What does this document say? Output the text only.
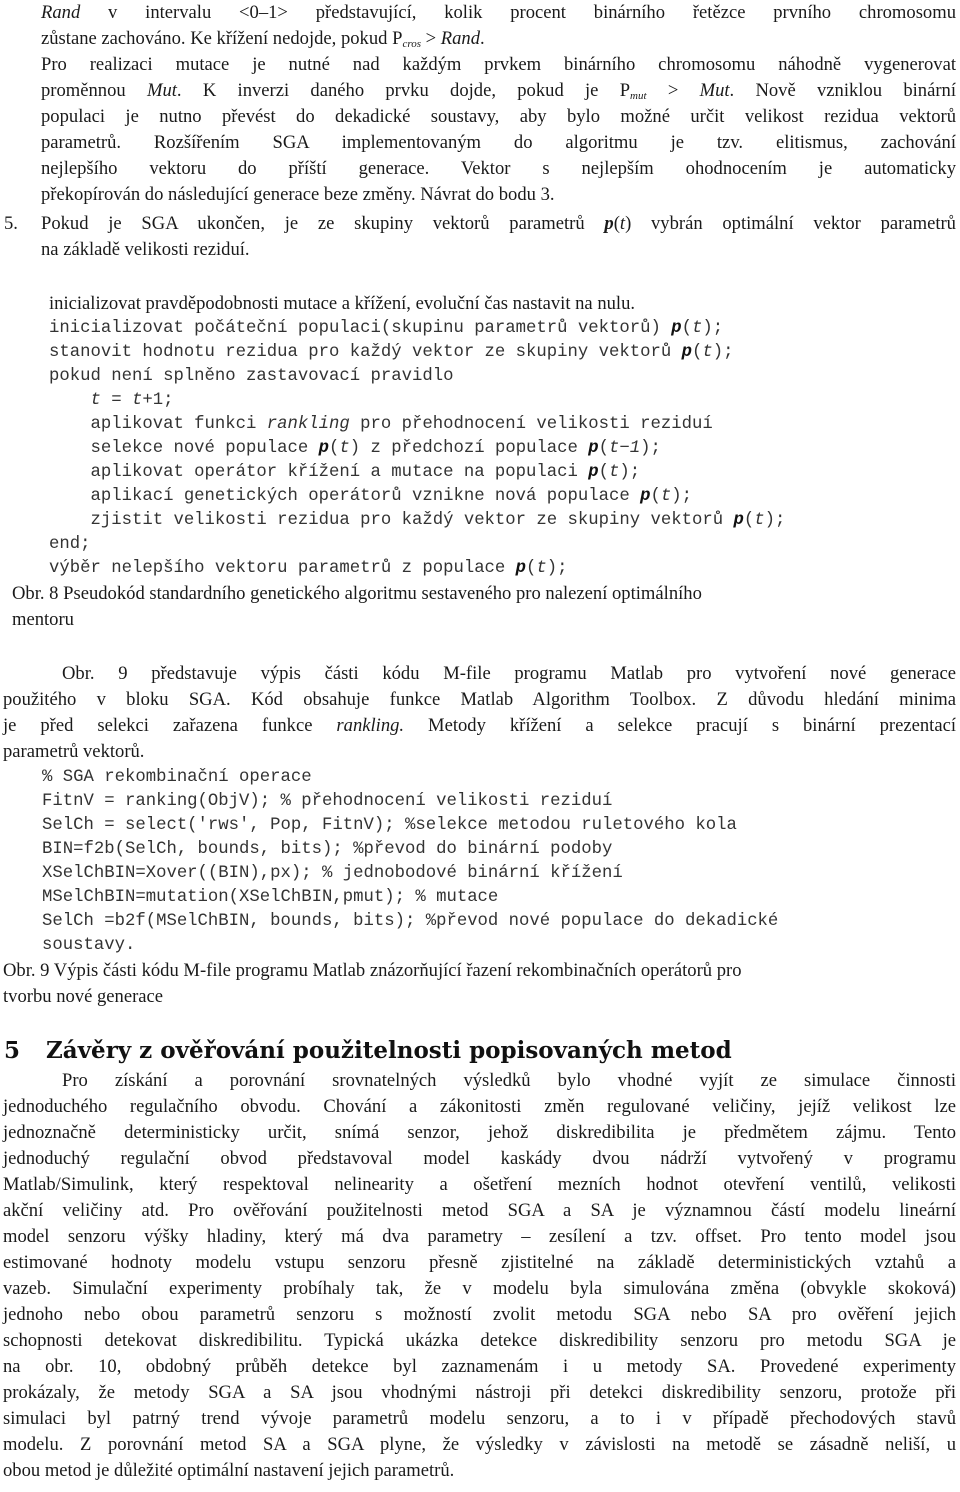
Rand v intervalu <0–1> představující, kolik procent binárního řetězce prvního chromosomu
zůstane zachováno. Ke křížení nedojde, pokud $P_{cros}$ > Rand.
Pro realizaci mutace je nutné nad každým prvkem binárního chromosomu náhodně vygenerovat
proměnnou Mut. K inverzi daného prvku dojde, pokud je $P_{mut}$ > Mut. Nově vzniklou binární
populaci je nutno převést do dekadické soustavy, aby bylo možné určit velikost rezidua vektorů
parametrů. Rozšířením SGA implementovaným do algoritmu je tzv. elitismus, zachování
nejlepšího vektoru do příští generace. Vektor s nejlepším ohodnocením je automaticky
překopírován do následující generace beze změny. Návrat do bodu 3.
5. Pokud je SGA ukončen, je ze skupiny vektorů parametrů p(t) vybrán optimální vektor parametrů
na základě velikosti reziduí.
inicializovat pravděpodobnosti mutace a křížení, evoluční čas nastavit na nulu.
inicializovat počáteční populaci(skupinu parametrů vektorů) p(t);
stanovit hodnotu rezidua pro každý vektor ze skupiny vektorů p(t);
pokud není splněno zastavovací pravidlo
t = t+1;
aplikovat funkci rankling pro přehodnocení velikosti reziduí
selekce nové populace p(t) z předchozí populace p(t−1);
aplikovat operátor křížení a mutace na populaci p(t);
aplikací genetických operátorů vznikne nová populace p(t);
zjistit velikosti rezidua pro každý vektor ze skupiny vektorů p(t);
end;
výběr nelepšího vektoru parametrů z populace p(t);
Obr. 8 Pseudokód standardního genetického algoritmu sestaveného pro nalezení optimálního
mentoru
Obr. 9 představuje výpis části kódu M-file programu Matlab pro vytvoření nové generace
použitého v bloku SGA. Kód obsahuje funkce Matlab Algorithm Toolbox. Z důvodu hledání minima
je před selekci zařazena funkce rankling. Metody křížení a selekce pracují s binární prezentací
parametrů vektorů.
% SGA rekombinační operace
FitnV = ranking(ObjV); % přehodnocení velikosti reziduí
SelCh = select('rws', Pop, FitnV); %selekce metodou ruletového kola
BIN=f2b(SelCh, bounds, bits); %převod do binární podoby
XSelChBIN=Xover((BIN),px); % jednobodové binární křížení
MSelChBIN=mutation(XSelChBIN,pmut); % mutace
SelCh =b2f(MSelChBIN, bounds, bits); %převod nové populace do dekadické
soustavy.
Obr. 9 Výpis části kódu M-file programu Matlab znázorňující řazení rekombinačních operátorů pro
tvorbu nové generace
5 Závěry z ověřování použitelnosti popisovaných metod
Pro získání a porovnání srovnatelných výsledků bylo vhodné vyjít ze simulace činnosti
jednoduchého regulačního obvodu. Chování a zákonitosti změn regulované veličiny, jejíž velikost lze
jednoznačně deterministicky určit, snímá senzor, jehož diskredibilita je předmětem zájmu. Tento
jednoduchý regulační obvod představoval model kaskády dvou nádrží vytvořený v programu
Matlab/Simulink, který respektoval nelinearity a ošetření mezních hodnot otevření ventilů, velikosti
akční veličiny atd. Pro ověřování použitelnosti metod SGA a SA je významnou částí modelu lineární
model senzoru výšky hladiny, který má dva parametry – zesílení a tzv. offset. Pro tento model jsou
estimované hodnoty modelu vstupu senzoru přesně zjistitelné na základě deterministických vztahů a
vazeb. Simulační experimenty probíhaly tak, že v modelu byla simulována změna (obvykle skoková)
jednoho nebo obou parametrů senzoru s možností zvolit metodu SGA nebo SA pro ověření jejich
schopnosti detekovat diskredibilitu. Typická ukázka detekce diskredibility senzoru pro metodu SGA je
na obr. 10, obdobný průběh detekce byl zaznamenám i u metody SA. Provedené experimenty
prokázaly, že metody SGA a SA jsou vhodnými nástroji při detekci diskredibility senzoru, protože při
simulaci byl patrný trend vývoje parametrů modelu senzoru, a to i v případě přechodových stavů
modelu. Z porovnání metod SA a SGA plyne, že výsledky v závislosti na metodě se zásadně neliší, u
obou metod je důležité optimální nastavení jejich parametrů.
